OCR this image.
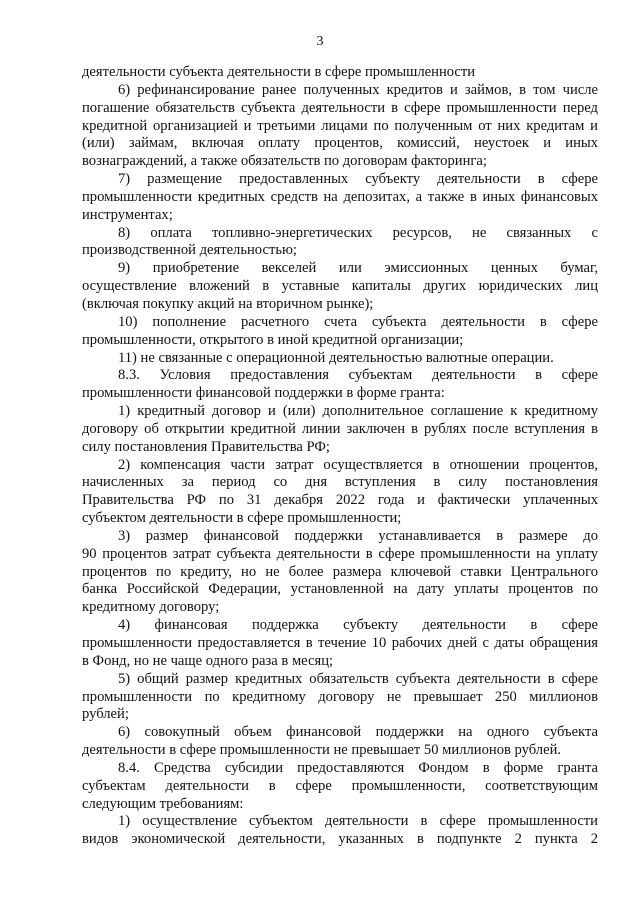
3
деятельности субъекта деятельности в сфере промышленности
6) рефинансирование ранее полученных кредитов и займов, в том числе
погашение обязательств субъекта деятельности в сфере промышленности перед
кредитной организацией и третьими лицами по полученным от них кредитам и
(или) займам, включая оплату процентов, комиссий, неустоек и иных
вознаграждений, а также обязательств по договорам факторинга;
7) размещение предоставленных субъекту деятельности в сфере
промышленности кредитных средств на депозитах, а также в иных финансовых
инструментах;
8) оплата топливно-энергетических ресурсов, не связанных с
производственной деятельностью;
9) приобретение векселей или эмиссионных ценных бумаг,
осуществление вложений в уставные капиталы других юридических лиц
(включая покупку акций на вторичном рынке);
10) пополнение расчетного счета субъекта деятельности в сфере
промышленности, открытого в иной кредитной организации;
11) не связанные с операционной деятельностью валютные операции.
8.3. Условия предоставления субъектам деятельности в сфере
промышленности финансовой поддержки в форме гранта:
1) кредитный договор и (или) дополнительное соглашение к кредитному
договору об открытии кредитной линии заключен в рублях после вступления в
силу постановления Правительства РФ;
2) компенсация части затрат осуществляется в отношении процентов,
начисленных за период со дня вступления в силу постановления
Правительства РФ по 31 декабря 2022 года и фактически уплаченных
субъектом деятельности в сфере промышленности;
3) размер финансовой поддержки устанавливается в размере до
90 процентов затрат субъекта деятельности в сфере промышленности на уплату
процентов по кредиту, но не более размера ключевой ставки Центрального
банка Российской Федерации, установленной на дату уплаты процентов по
кредитному договору;
4) финансовая поддержка субъекту деятельности в сфере
промышленности предоставляется в течение 10 рабочих дней с даты обращения
в Фонд, но не чаще одного раза в месяц;
5) общий размер кредитных обязательств субъекта деятельности в сфере
промышленности по кредитному договору не превышает 250 миллионов
рублей;
6) совокупный объем финансовой поддержки на одного субъекта
деятельности в сфере промышленности не превышает 50 миллионов рублей.
8.4. Средства субсидии предоставляются Фондом в форме гранта
субъектам деятельности в сфере промышленности, соответствующим
следующим требованиям:
1) осуществление субъектом деятельности в сфере промышленности
видов экономической деятельности, указанных в подпункте 2 пункта 2
